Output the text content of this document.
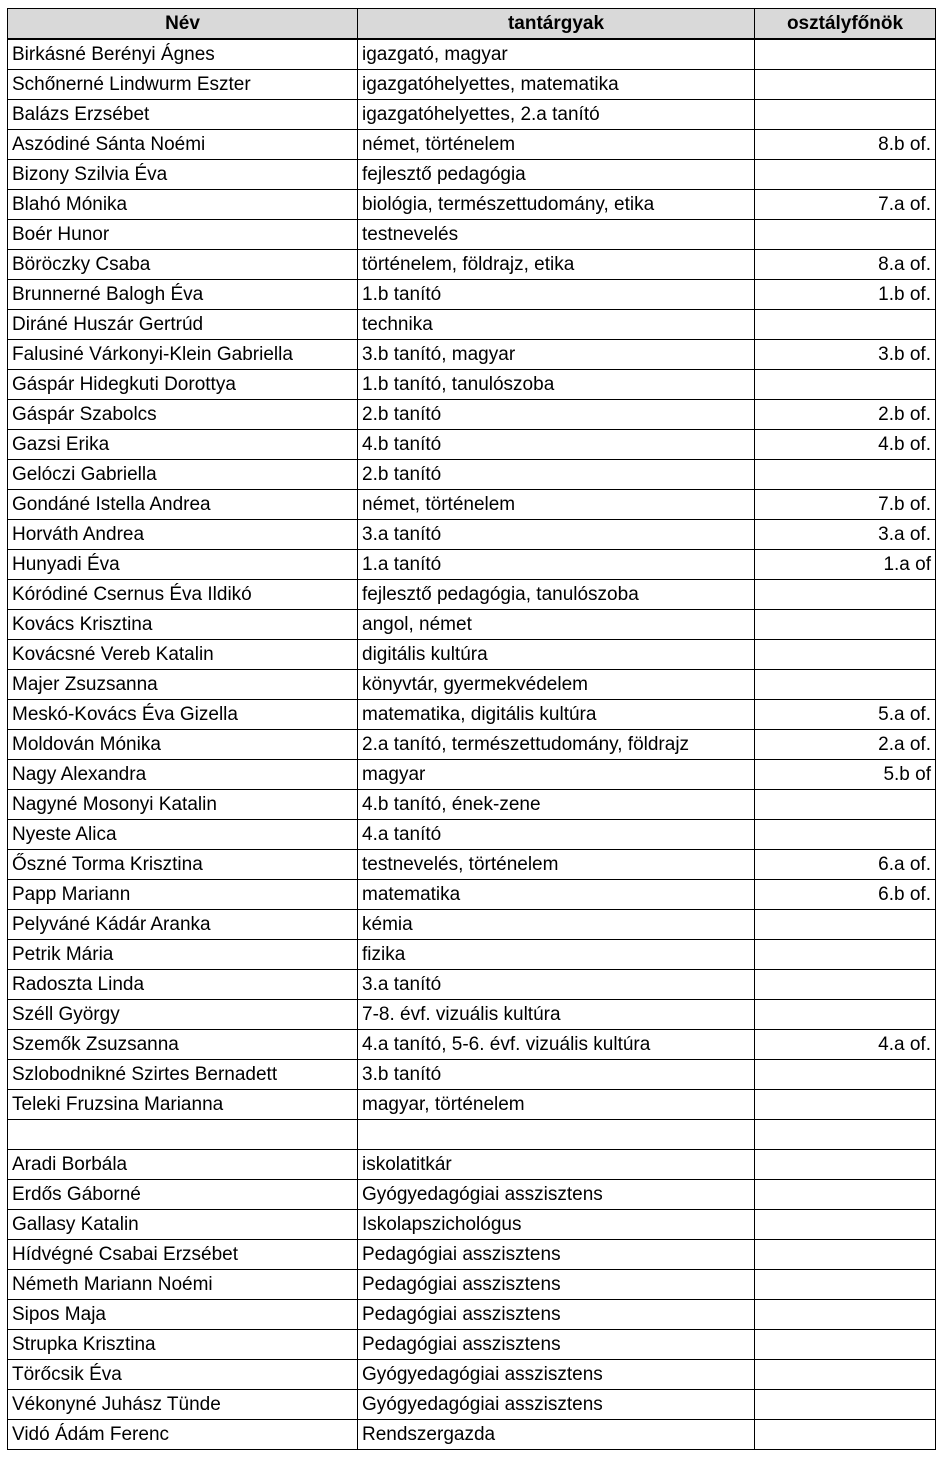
Név	tantárgyak	osztályfőnök
Birkásné Berényi Ágnes	igazgató, magyar	
Schőnerné Lindwurm Eszter	igazgatóhelyettes, matematika	
Balázs Erzsébet	igazgatóhelyettes, 2.a tanító	
Aszódiné Sánta Noémi	német, történelem	8.b of.
Bizony Szilvia Éva	fejlesztő pedagógia	
Blahó Mónika	biológia, természettudomány, etika	7.a of.
Boér Hunor	testnevelés	
Böröczky Csaba	történelem, földrajz, etika	8.a of.
Brunnerné Balogh Éva	1.b tanító	1.b of.
Diráné Huszár Gertrúd	technika	
Falusiné Várkonyi-Klein Gabriella	3.b tanító, magyar	3.b of.
Gáspár Hidegkuti Dorottya	1.b tanító, tanulószoba	
Gáspár Szabolcs	2.b tanító	2.b of.
Gazsi Erika	4.b tanító	4.b of.
Gelóczi Gabriella	2.b tanító	
Gondáné Istella Andrea	német, történelem	7.b of.
Horváth Andrea	3.a tanító	3.a of.
Hunyadi Éva	1.a tanító	1.a of
Kóródiné Csernus Éva Ildikó	fejlesztő pedagógia, tanulószoba	
Kovács Krisztina	angol, német	
Kovácsné Vereb Katalin	digitális kultúra	
Majer Zsuzsanna	könyvtár, gyermekvédelem	
Meskó-Kovács Éva Gizella	matematika, digitális kultúra	5.a of.
Moldován Mónika	2.a tanító, természettudomány, földrajz	2.a of.
Nagy Alexandra	magyar	5.b of
Nagyné Mosonyi Katalin	4.b tanító, ének-zene	
Nyeste Alica	4.a tanító	
Őszné Torma Krisztina	testnevelés, történelem	6.a of.
Papp Mariann	matematika	6.b of.
Pelyváné Kádár Aranka	kémia	
Petrik Mária	fizika	
Radoszta Linda	3.a tanító	
Széll György	7-8. évf. vizuális kultúra	
Szemők Zsuzsanna	4.a tanító, 5-6. évf. vizuális kultúra	4.a of.
Szlobodnikné Szirtes Bernadett	3.b tanító	
Teleki Fruzsina Marianna	magyar, történelem	

Aradi Borbála	iskolatitkár	
Erdős Gáborné	Gyógyedagógiai asszisztens	
Gallasy Katalin	Iskolapszichológus	
Hídvégné Csabai Erzsébet	Pedagógiai asszisztens	
Németh Mariann Noémi	Pedagógiai asszisztens	
Sipos Maja	Pedagógiai asszisztens	
Strupka Krisztina	Pedagógiai asszisztens	
Törőcsik Éva	Gyógyedagógiai asszisztens	
Vékonyné Juhász Tünde	Gyógyedagógiai asszisztens	
Vidó Ádám Ferenc	Rendszergazda	
